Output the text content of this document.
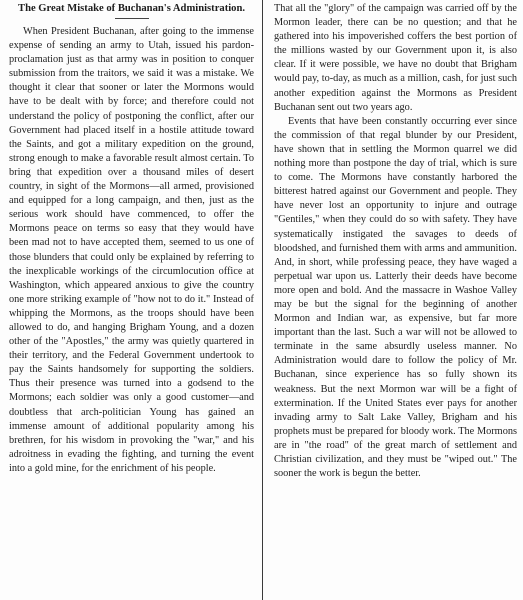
The Great Mistake of Buchanan's Administration.

When President Buchanan, after going to the immense expense of sending an army to Utah, issued his pardon-proclamation just as that army was in position to conquer submission from the traitors, we said it was a mistake. We thought it clear that sooner or later the Mormons would have to be dealt with by force; and therefore could not understand the policy of postponing the conflict, after our Government had placed itself in a hostile attitude toward the Saints, and got a military expedition on the ground, strong enough to make a favorable result almost certain. To bring that expedition over a thousand miles of desert country, in sight of the Mormons—all armed, provisioned and equipped for a long campaign, and then, just as the serious work should have commenced, to offer the Mormons peace on terms so easy that they would have been mad not to have accepted them, seemed to us one of those blunders that could only be explained by referring to the inexplicable workings of the circumlocution office at Washington, which appeared anxious to give the country one more striking example of "how not to do it." Instead of whipping the Mormons, as the troops should have been allowed to do, and hanging Brigham Young, and a dozen other of the "Apostles," the army was quietly quartered in their territory, and the Federal Government undertook to pay the Saints handsomely for supporting the soldiers. Thus their presence was turned into a godsend to the Mormons; each soldier was only a good customer—and doubtless that arch-politician Young has gained an immense amount of additional popularity among his brethren, for his wisdom in provoking the "war," and his adroitness in evading the fighting, and turning the event into a gold mine, for the enrichment of his people.

That all the "glory" of the campaign was carried off by the Mormon leader, there can be no question; and that he gathered into his impoverished coffers the best portion of the millions wasted by our Government upon it, is also clear. If it were possible, we have no doubt that Brigham would pay, to-day, as much as a million, cash, for just such another expedition against the Mormons as President Buchanan sent out two years ago.

Events that have been constantly occurring ever since the commission of that regal blunder by our President, have shown that in settling the Mormon quarrel we did nothing more than postpone the day of trial, which is sure to come. The Mormons have constantly harbored the bitterest hatred against our Government and people. They have never lost an opportunity to injure and outrage "Gentiles," when they could do so with safety. They have systematically instigated the savages to deeds of bloodshed, and furnished them with arms and ammunition. And, in short, while professing peace, they have waged a perpetual war upon us. Latterly their deeds have become more open and bold. And the massacre in Washoe Valley may be but the signal for the beginning of another Mormon and Indian war, as expensive, but far more important than the last. Such a war will not be allowed to terminate in the same absurdly useless manner. No Administration would dare to follow the policy of Mr. Buchanan, since experience has so fully shown its weakness. But the next Mormon war will be a fight of extermination. If the United States ever pays for another invading army to Salt Lake Valley, Brigham and his prophets must be prepared for bloody work. The Mormons are in "the road" of the great march of settlement and Christian civilization, and they must be "wiped out." The sooner the work is begun the better.
